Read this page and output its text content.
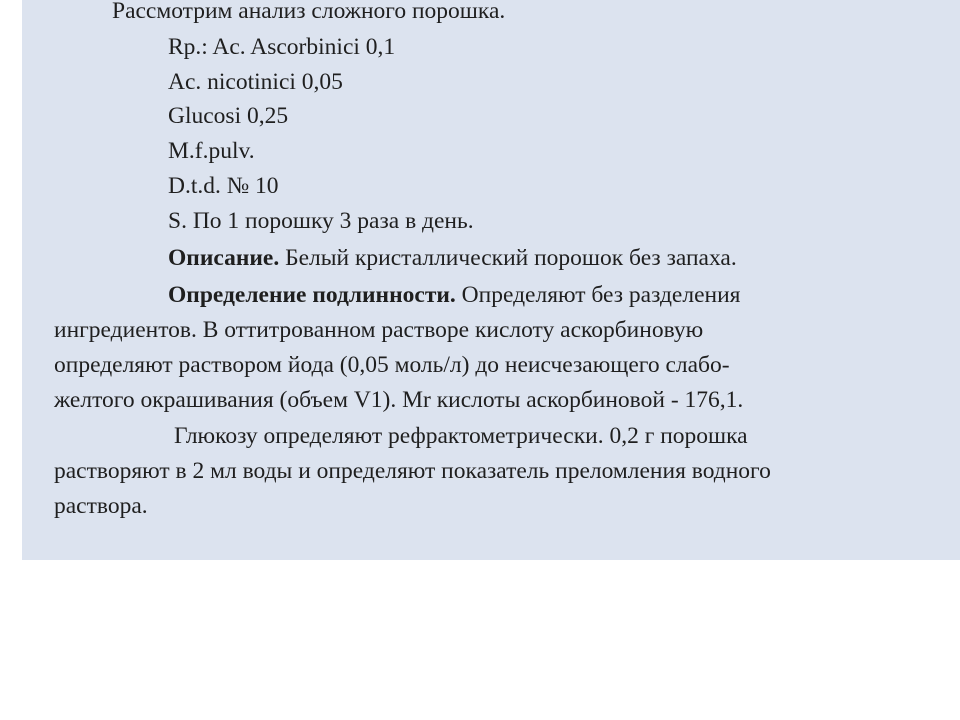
Рассмотрим анализ сложного порошка.
Rp.: Ac. Ascorbinici 0,1
Ac. nicotinici 0,05
Glucosi 0,25
M.f.pulv.
D.t.d. № 10
S. По 1 порошку 3 раза в день.
Описание. Белый кристаллический порошок без запаха.
Определение подлинности. Определяют без разделения
ингредиентов. В оттитрованном растворе кислоту аскорбиновую
определяют раствором йода (0,05 моль/л) до неисчезающего слабо-
желтого окрашивания (объем V1). Mr кислоты аскорбиновой - 176,1.
Глюкозу определяют рефрактометрически. 0,2 г порошка
растворяют в 2 мл воды и определяют показатель преломления водного
раствора.
